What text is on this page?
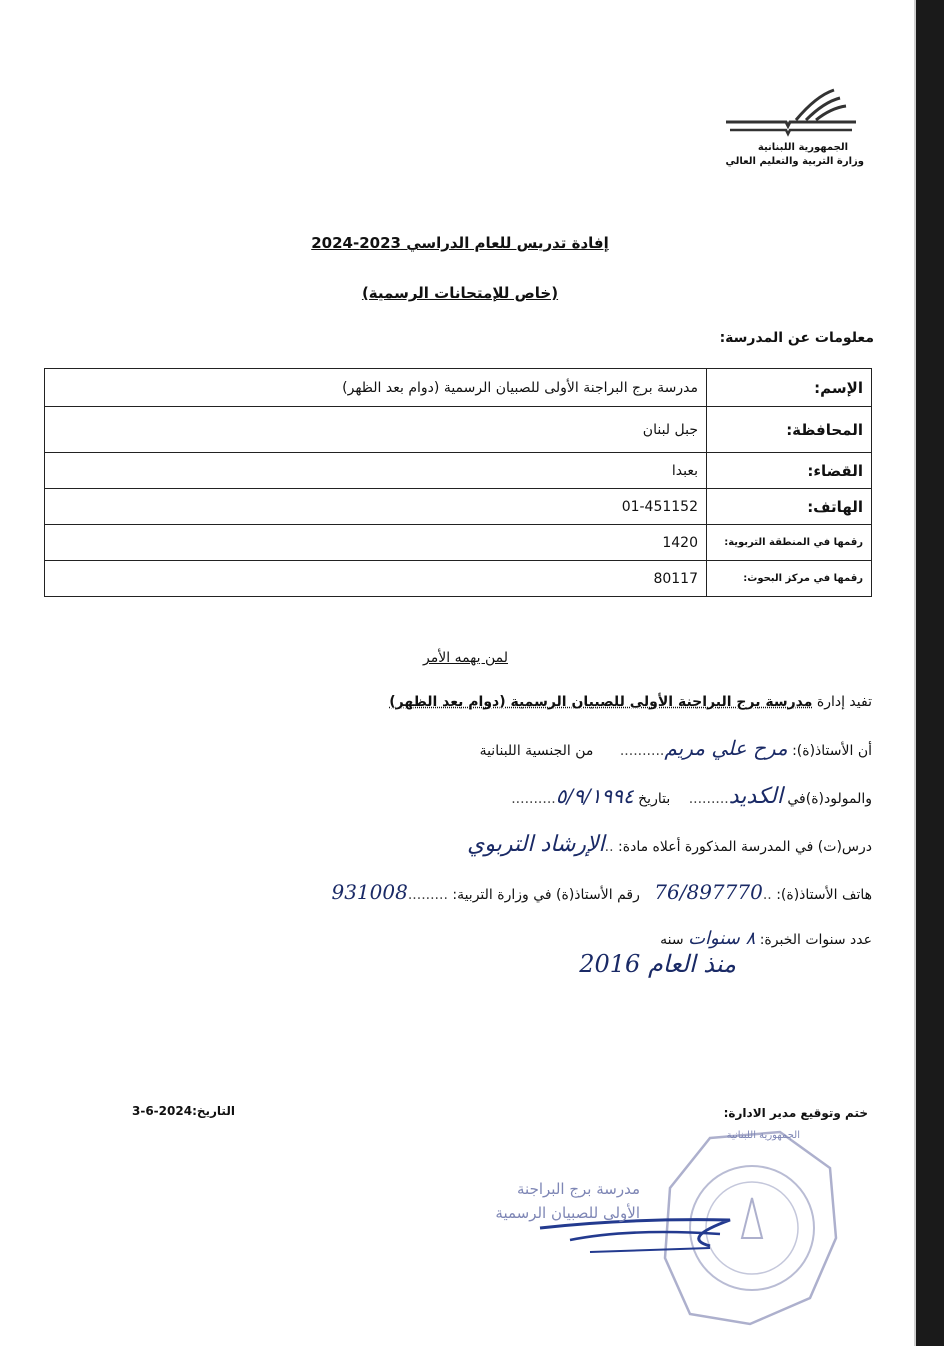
الجمهورية اللبنانية
وزارة التربية والتعليم العالي
إفادة تدريس للعام الدراسي 2023-2024
(خاص للإمتحانات الرسمية)
معلومات عن المدرسة:
الإسم:	مدرسة برج البراجنة الأولى للصبيان الرسمية (دوام بعد الظهر)
المحافظة:	جبل لبنان
القضاء:	بعبدا
الهاتف:	01-451152
رقمها في المنطقة التربوية:	1420
رقمها في مركز البحوث:	80117
لمن يهمه الأمر
تفيد إدارة مدرسة برج البراجنة الأولى للصبيان الرسمية (دوام بعد الظهر)
أن الأستاذ(ة): مرح علي مريم.......... من الجنسية اللبنانية
والمولود(ة)في الكديد......... بتاريخ ٥/٩/١٩٩٤..........
درس(ت) في المدرسة المذكورة أعلاه مادة: ..الإرشاد التربوي
هاتف الأستاذ(ة): ..76/897770 رقم الأستاذ(ة) في وزارة التربية: .........931008
عدد سنوات الخبرة: ٨ سنوات سنه
منذ العام 2016
ختم وتوقيع مدير الادارة:
3-6-2024التاريخ:
مدرسة برج البراجنة
الأولى للصبيان الرسمية
الجمهورية اللبنانية
